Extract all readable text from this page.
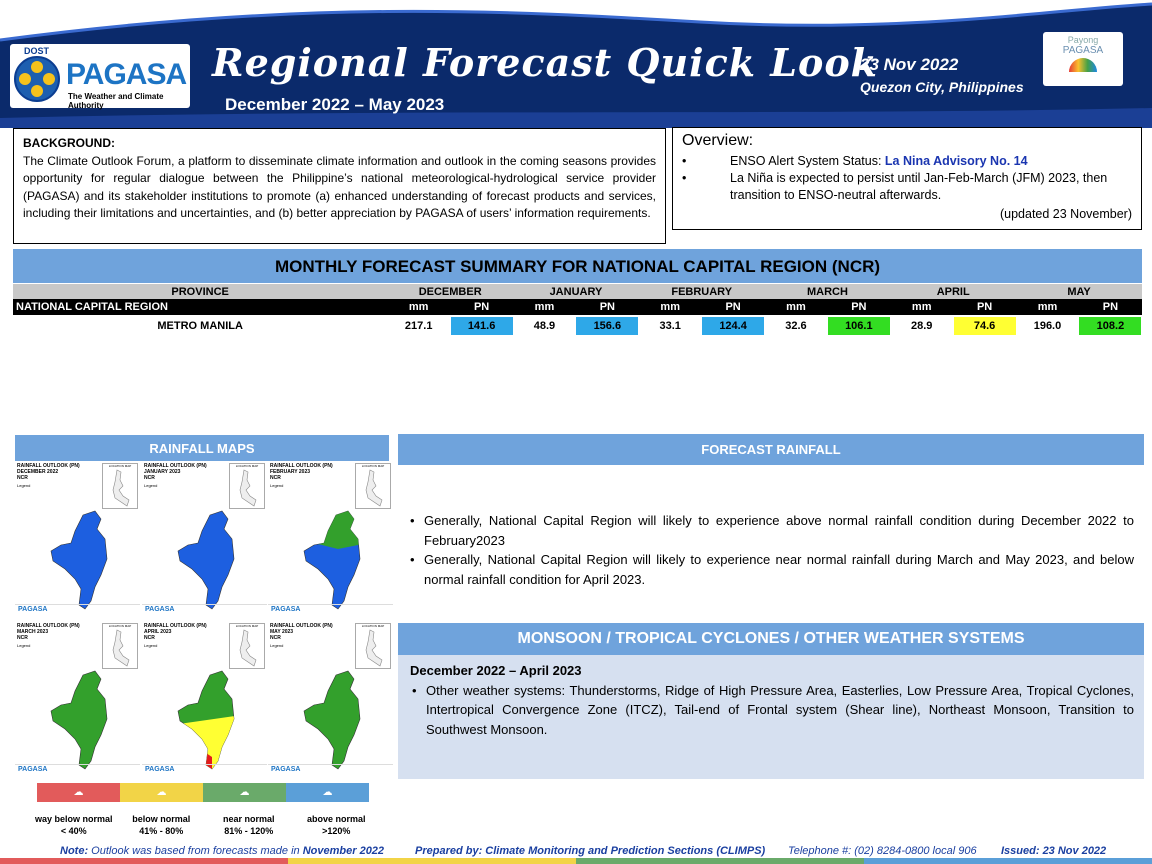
DOST
PAGASA
The Weather and Climate Authority
Regional Forecast Quick Look
December 2022 – May 2023
23 Nov 2022
Quezon City, Philippines
Payong
PAGASA
BACKGROUND:
The Climate Outlook Forum, a platform to disseminate climate information and outlook in the coming seasons provides opportunity for regular dialogue between the Philippine’s national meteorological-hydrological service provider (PAGASA) and its stakeholder institutions to promote (a) enhanced understanding of forecast products and services, including their limitations and uncertainties, and (b) better appreciation by PAGASA of users’ information requirements.
Overview:
• ENSO Alert System Status: La Nina Advisory No. 14
• La Niña is expected to persist until Jan-Feb-March (JFM) 2023, then transition to ENSO-neutral afterwards.
(updated 23 November)
MONTHLY FORECAST SUMMARY FOR NATIONAL CAPITAL REGION (NCR)
PROVINCE	DECEMBER		JANUARY		FEBRUARY		MARCH		APRIL		MAY	
NATIONAL CAPITAL REGION	mm	PN	mm	PN	mm	PN	mm	PN	mm	PN	mm	PN
METRO MANILA	217.1	141.6	48.9	156.6	33.1	124.4	32.6	106.1	28.9	74.6	196.0	108.2
RAINFALL MAPS
RAINFALL OUTLOOK (PN)
DECEMBER 2022
NCR
Legend
LOCATION MAP
PAGASA
RAINFALL OUTLOOK (PN)
JANUARY 2023
NCR
Legend
LOCATION MAP
PAGASA
RAINFALL OUTLOOK (PN)
FEBRUARY 2023
NCR
Legend
LOCATION MAP
PAGASA
RAINFALL OUTLOOK (PN)
MARCH 2023
NCR
Legend
LOCATION MAP
PAGASA
RAINFALL OUTLOOK (PN)
APRIL 2023
NCR
Legend
LOCATION MAP
PAGASA
RAINFALL OUTLOOK (PN)
MAY 2023
NCR
Legend
LOCATION MAP
PAGASA
☁	☁	☁	☁
way below normal
< 40%
below normal
41% - 80%
near normal
81% - 120%
above normal
>120%
FORECAST RAINFALL
• Generally, National Capital Region will likely to experience above normal rainfall condition during December 2022 to February2023
• Generally, National Capital Region will likely to experience near normal rainfall during March and May 2023, and below normal rainfall condition for April 2023.
MONSOON / TROPICAL CYCLONES / OTHER WEATHER SYSTEMS
December 2022 – April 2023
• Other weather systems: Thunderstorms, Ridge of High Pressure Area, Easterlies, Low Pressure Area, Tropical Cyclones, Intertropical Convergence Zone (ITCZ), Tail-end of Frontal system (Shear line), Northeast Monsoon, Transition to Southwest Monsoon.
Note: Outlook was based from forecasts made in November 2022	Prepared by: Climate Monitoring and Prediction Sections (CLIMPS) Telephone #: (02) 8284-0800 local 906 Issued: 23 Nov 2022
